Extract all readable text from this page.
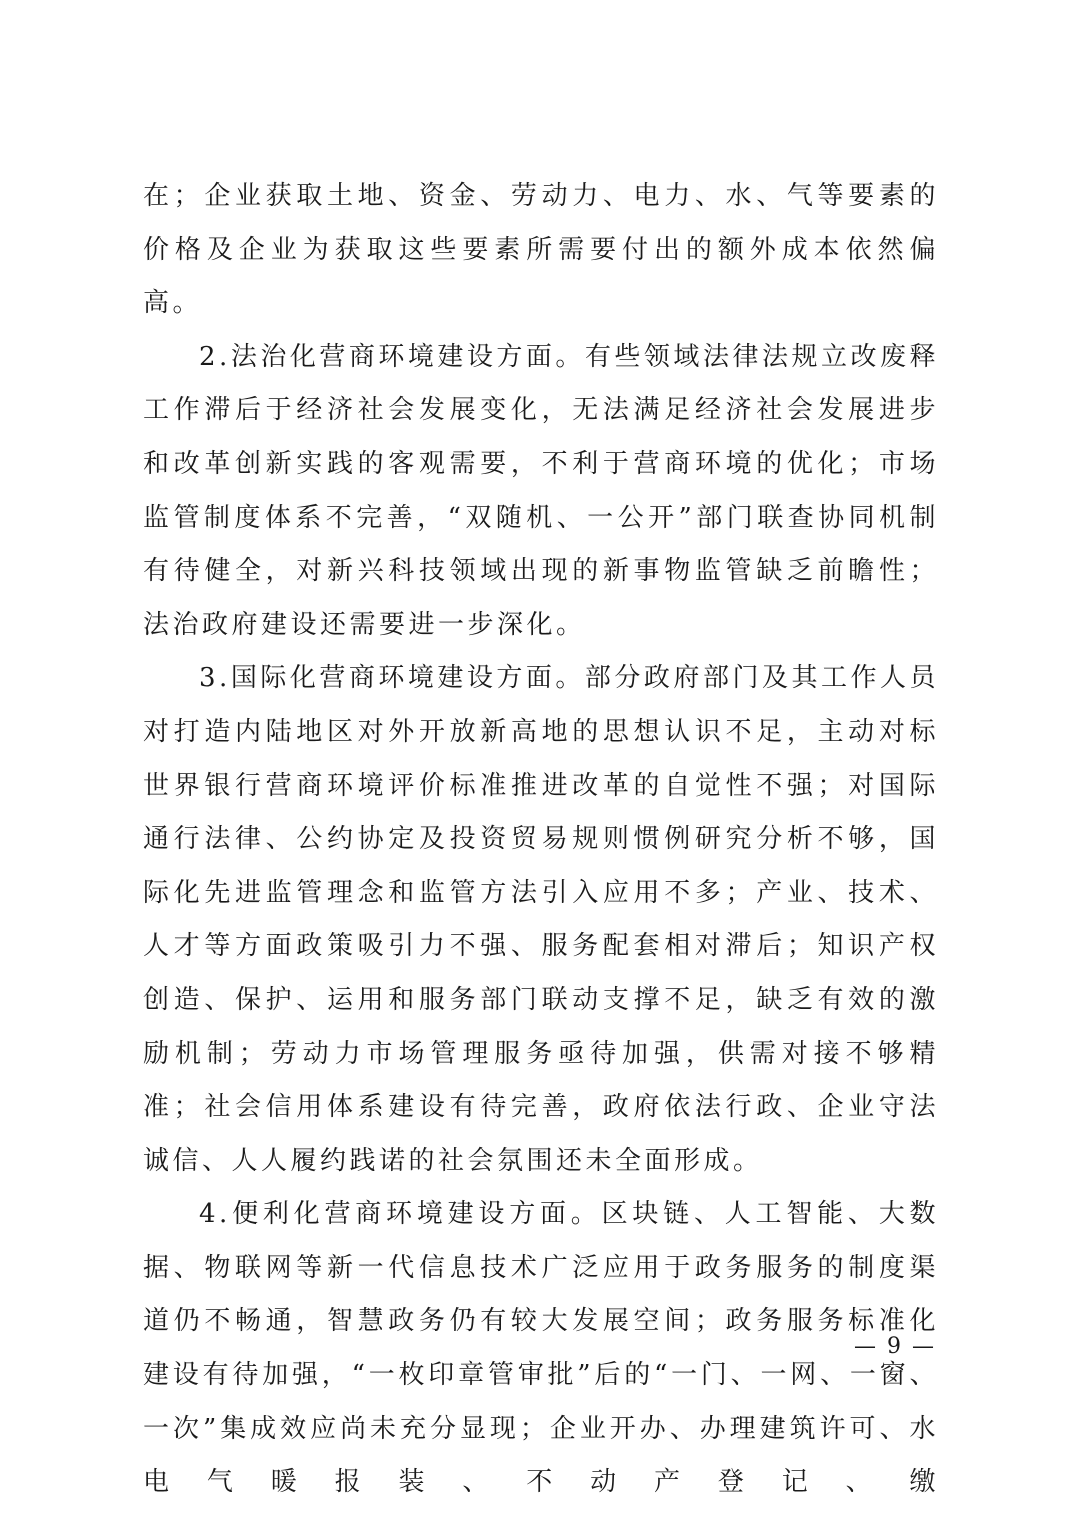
在；企业获取土地、资金、劳动力、电力、水、气等要素的价格及企业为获取这些要素所需要付出的额外成本依然偏高。

2.法治化营商环境建设方面。有些领域法律法规立改废释工作滞后于经济社会发展变化，无法满足经济社会发展进步和改革创新实践的客观需要，不利于营商环境的优化；市场监管制度体系不完善，“双随机、一公开”部门联查协同机制有待健全，对新兴科技领域出现的新事物监管缺乏前瞻性；法治政府建设还需要进一步深化。

3.国际化营商环境建设方面。部分政府部门及其工作人员对打造内陆地区对外开放新高地的思想认识不足，主动对标世界银行营商环境评价标准推进改革的自觉性不强；对国际通行法律、公约协定及投资贸易规则惯例研究分析不够，国际化先进监管理念和监管方法引入应用不多；产业、技术、人才等方面政策吸引力不强、服务配套相对滞后；知识产权创造、保护、运用和服务部门联动支撑不足，缺乏有效的激励机制；劳动力市场管理服务亟待加强，供需对接不够精准；社会信用体系建设有待完善，政府依法行政、企业守法诚信、人人履约践诺的社会氛围还未全面形成。

4.便利化营商环境建设方面。区块链、人工智能、大数据、物联网等新一代信息技术广泛应用于政务服务的制度渠道仍不畅通，智慧政务仍有较大发展空间；政务服务标准化建设有待加强，“一枚印章管审批”后的“一门、一网、一窗、一次”集成效应尚未充分显现；企业开办、办理建筑许可、水电气暖报装、不动产登记、缴

— 9 —
